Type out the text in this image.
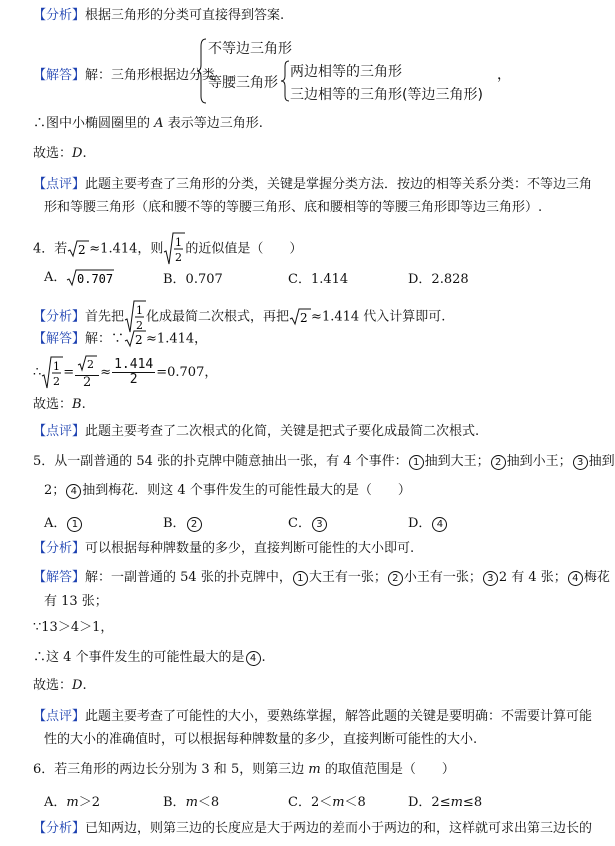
【分析】根据三角形的分类可直接得到答案.
【解答】解：三角形根据边分类
不等边三角形
等腰三角形
两边相等的三角形
三边相等的三角形(等边三角形)
，
∴图中小椭圆圈里的 A 表示等边三角形.
故选：D.
【点评】此题主要考查了三角形的分类，关键是掌握分类方法．按边的相等关系分类：不等边三角
形和等腰三角形（底和腰不等的等腰三角形、底和腰相等的等腰三角形即等边三角形）.
4．若 2 ≈1.414，则 1
2
的近似值是（　　）
A． 0.707	B．0.707	C．1.414	D．2.828
【分析】首先把 1
2
化成最简二次根式，再把 2 ≈1.414 代入计算即可.
【解答】解：∵ 2 ≈1.414，
∴ 1
2
= $\frac{2}{2} \approx \frac{1.414}{2} =0.707$，
故选：B.
【点评】此题主要考查了二次根式的化简，关键是把式子要化成最简二次根式.
5．从一副普通的 54 张的扑克牌中随意抽出一张，有 4 个事件： 1 抽到大王； 2 抽到小王； 3 抽到
2； 4 抽到梅花．则这 4 个事件发生的可能性最大的是（　　）
A． 1	B． 2	C． 3	D． 4
【分析】可以根据每种牌数量的多少，直接判断可能性的大小即可.
【解答】解：一副普通的 54 张的扑克牌中， 1 大王有一张； 2 小王有一张； 3 2 有 4 张； 4 梅花
有 13 张；
∵13＞4＞1，
∴这 4 个事件发生的可能性最大的是 4 .
故选：D.
【点评】此题主要考查了可能性的大小，要熟练掌握，解答此题的关键是要明确：不需要计算可能
性的大小的准确值时，可以根据每种牌数量的多少，直接判断可能性的大小.
6．若三角形的两边长分别为 3 和 5，则第三边 m 的取值范围是（　　）
A．m＞2	B．m＜8	C．2＜m＜8	D．2≤m≤8
【分析】已知两边，则第三边的长度应是大于两边的差而小于两边的和，这样就可求出第三边长的
